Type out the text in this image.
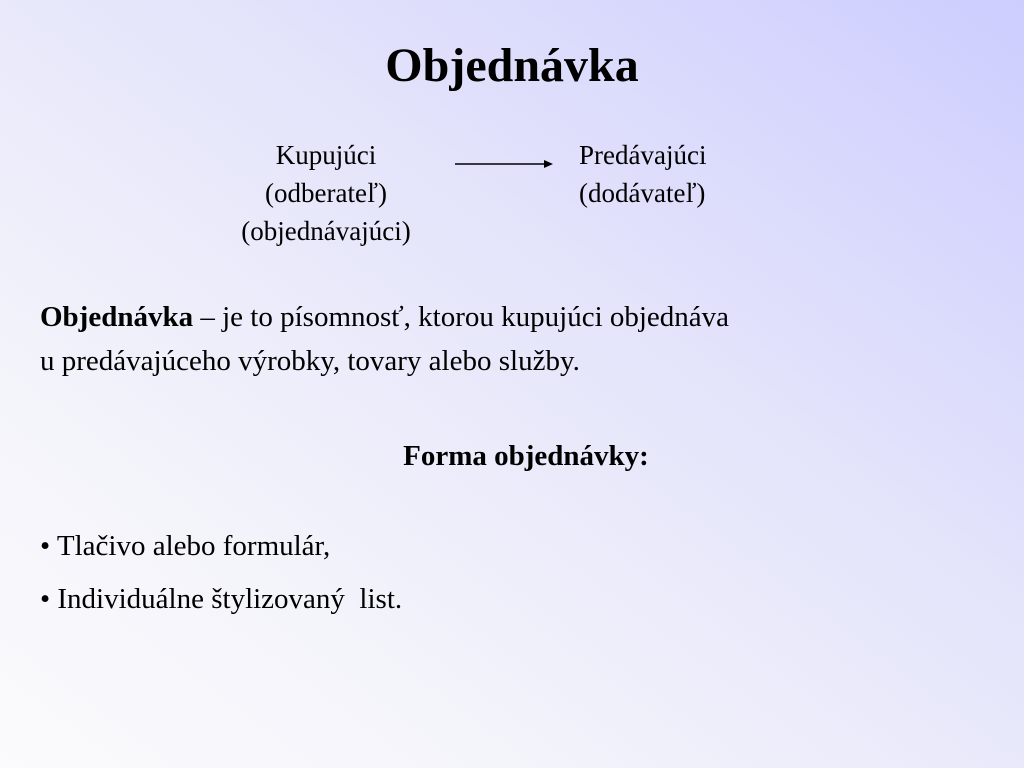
Objednávka
Kupujúci
(odberateľ)
(objednávajúci)
Predávajúci
(dodávateľ)
Objednávka – je to písomnosť, ktorou kupujúci objednáva
u predávajúceho výrobky, tovary alebo služby.
Forma objednávky:
• Tlačivo alebo formulár,
• Individuálne štylizovaný  list.
